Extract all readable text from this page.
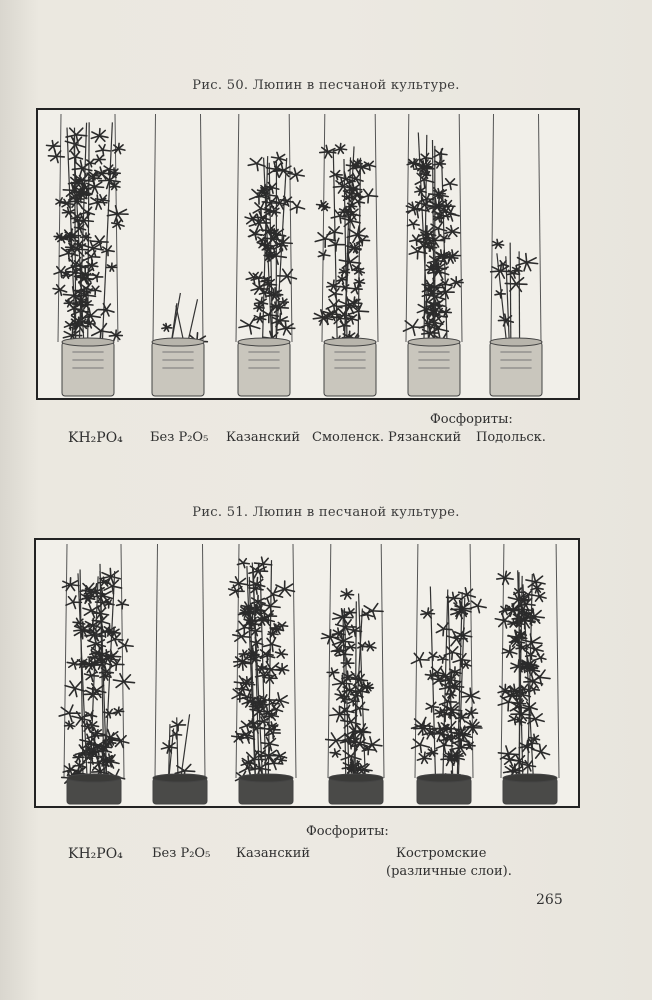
Рис. 50. Люпин в песчаной культуре.
Фосфориты:
KH₂PO₄ Без P₂O₅ Казанский Смоленск. Рязанский Подольск.
Рис. 51. Люпин в песчаной культуре.
Фосфориты:
KH₂PO₄ Без P₂O₅ Казанский	Костромские
(различные слои).
265
